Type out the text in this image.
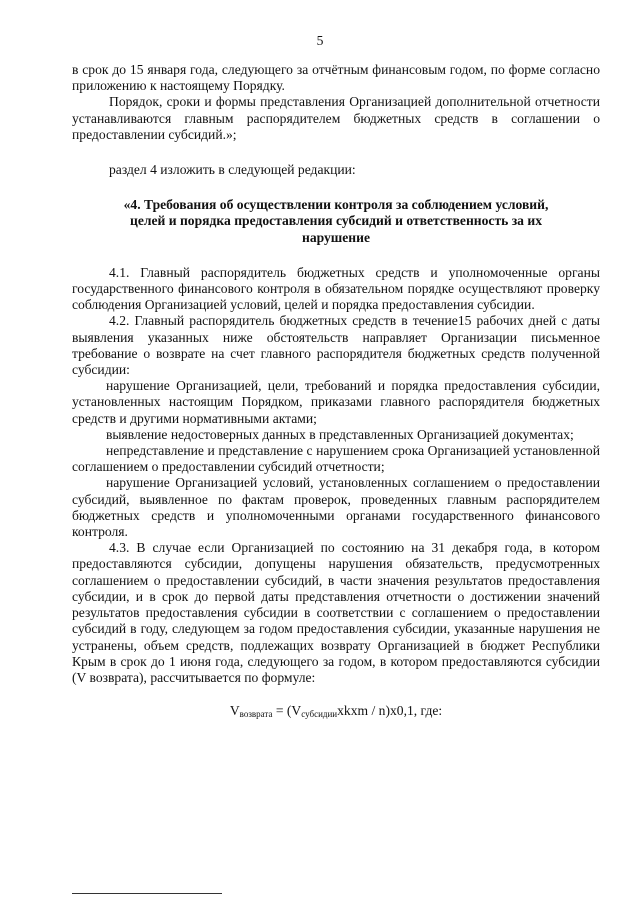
5

в срок до 15 января года, следующего за отчётным финансовым годом, по форме согласно приложению к настоящему Порядку.

Порядок, сроки и формы представления Организацией дополнительной отчетности устанавливаются главным распорядителем бюджетных средств в соглашении о предоставлении субсидий.»;

раздел 4 изложить в следующей редакции:

«4. Требования об осуществлении контроля за соблюдением условий, целей и порядка предоставления субсидий и ответственность за их нарушение

4.1. Главный распорядитель бюджетных средств и уполномоченные органы государственного финансового контроля в обязательном порядке осуществляют проверку соблюдения Организацией условий, целей и порядка предоставления субсидии.

4.2. Главный распорядитель бюджетных средств в течение15 рабочих дней с даты выявления указанных ниже обстоятельств направляет Организации письменное требование о возврате на счет главного распорядителя бюджетных средств полученной субсидии:

нарушение Организацией, цели, требований и порядка предоставления субсидии, установленных настоящим Порядком, приказами главного распорядителя бюджетных средств и другими нормативными актами;

выявление недостоверных данных в представленных Организацией документах;

непредставление и представление с нарушением срока Организацией установленной соглашением о предоставлении субсидий отчетности;

нарушение Организацией условий, установленных соглашением о предоставлении субсидий, выявленное по фактам проверок, проведенных главным распорядителем бюджетных средств и уполномоченными органами государственного финансового контроля.

4.3. В случае если Организацией по состоянию на 31 декабря года, в котором предоставляются субсидии, допущены нарушения обязательств, предусмотренных соглашением о предоставлении субсидий, в части значения результатов предоставления субсидии, и в срок до первой даты представления отчетности о достижении значений результатов предоставления субсидии в соответствии с соглашением о предоставлении субсидий в году, следующем за годом предоставления субсидии, указанные нарушения не устранены, объем средств, подлежащих возврату Организацией в бюджет Республики Крым в срок до 1 июня года, следующего за годом, в котором предоставляются субсидии (V возврата), рассчитывается по формуле:

$V_{возврата}$ = $(V_{субсидии}xkxm / n)x0,1$, где:
